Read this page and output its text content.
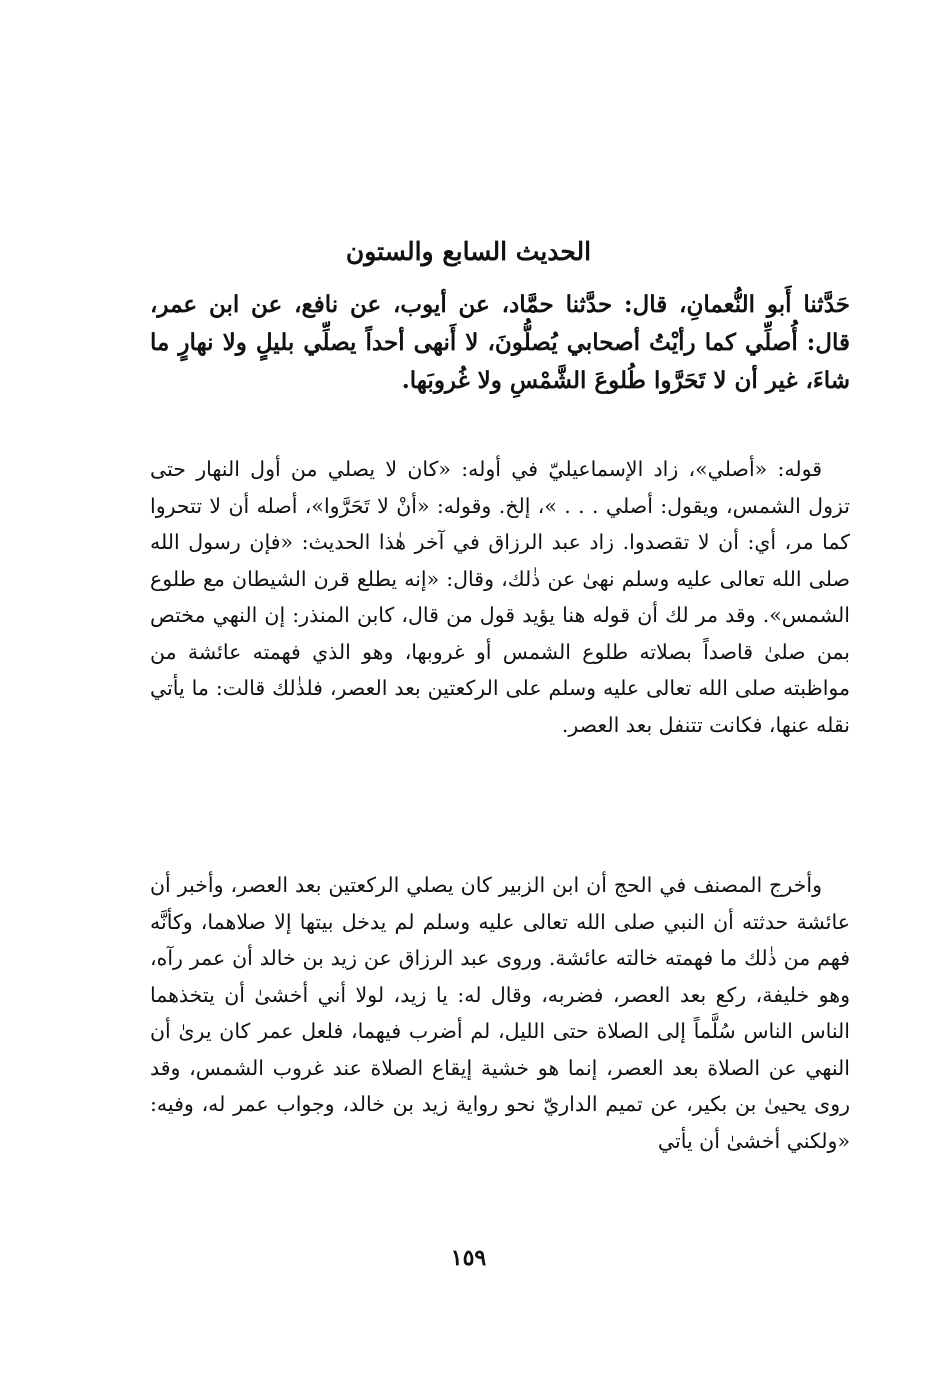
الحديث السابع والستون

حَدَّثنا أَبو النُّعمانِ، قال: حدَّثنا حمَّاد، عن أيوب، عن نافع، عن ابن عمر، قال: أُصلِّي كما رأيْتُ أصحابي يُصلُّونَ، لا أَنهى أحداً يصلِّي بليلٍ ولا نهارٍ ما شاءَ، غير أن لا تَحَرَّوا طُلوعَ الشَّمْسِ ولا غُروبَها.

قوله: «أصلي»، زاد الإسماعيليّ في أوله: «كان لا يصلي من أول النهار حتى تزول الشمس، ويقول: أصلي . . . »، إلخ. وقوله: «أنْ لا تَحَرَّوا»، أصله أن لا تتحروا كما مر، أي: أن لا تقصدوا. زاد عبد الرزاق في آخر هٰذا الحديث: «فإن رسول الله صلى الله تعالى عليه وسلم نهىٰ عن ذٰلك، وقال: «إنه يطلع قرن الشيطان مع طلوع الشمس». وقد مر لك أن قوله هنا يؤيد قول من قال، كابن المنذر: إن النهي مختص بمن صلىٰ قاصداً بصلاته طلوع الشمس أو غروبها، وهو الذي فهمته عائشة من مواظبته صلى الله تعالى عليه وسلم على الركعتين بعد العصر، فلذٰلك قالت: ما يأتي نقله عنها، فكانت تتنفل بعد العصر.

وأخرج المصنف في الحج أن ابن الزبير كان يصلي الركعتين بعد العصر، وأخبر أن عائشة حدثته أن النبي صلى الله تعالى عليه وسلم لم يدخل بيتها إلا صلاهما، وكأنَّه فهم من ذٰلك ما فهمته خالته عائشة. وروى عبد الرزاق عن زيد بن خالد أن عمر رآه، وهو خليفة، ركع بعد العصر، فضربه، وقال له: يا زيد، لولا أني أخشىٰ أن يتخذهما الناس الناس سُلَّماً إلى الصلاة حتى الليل، لم أضرب فيهما، فلعل عمر كان يرىٰ أن النهي عن الصلاة بعد العصر، إنما هو خشية إيقاع الصلاة عند غروب الشمس، وقد روى يحيىٰ بن بكير، عن تميم الداريّ نحو رواية زيد بن خالد، وجواب عمر له، وفيه: «ولكني أخشىٰ أن يأتي

١٥٩
